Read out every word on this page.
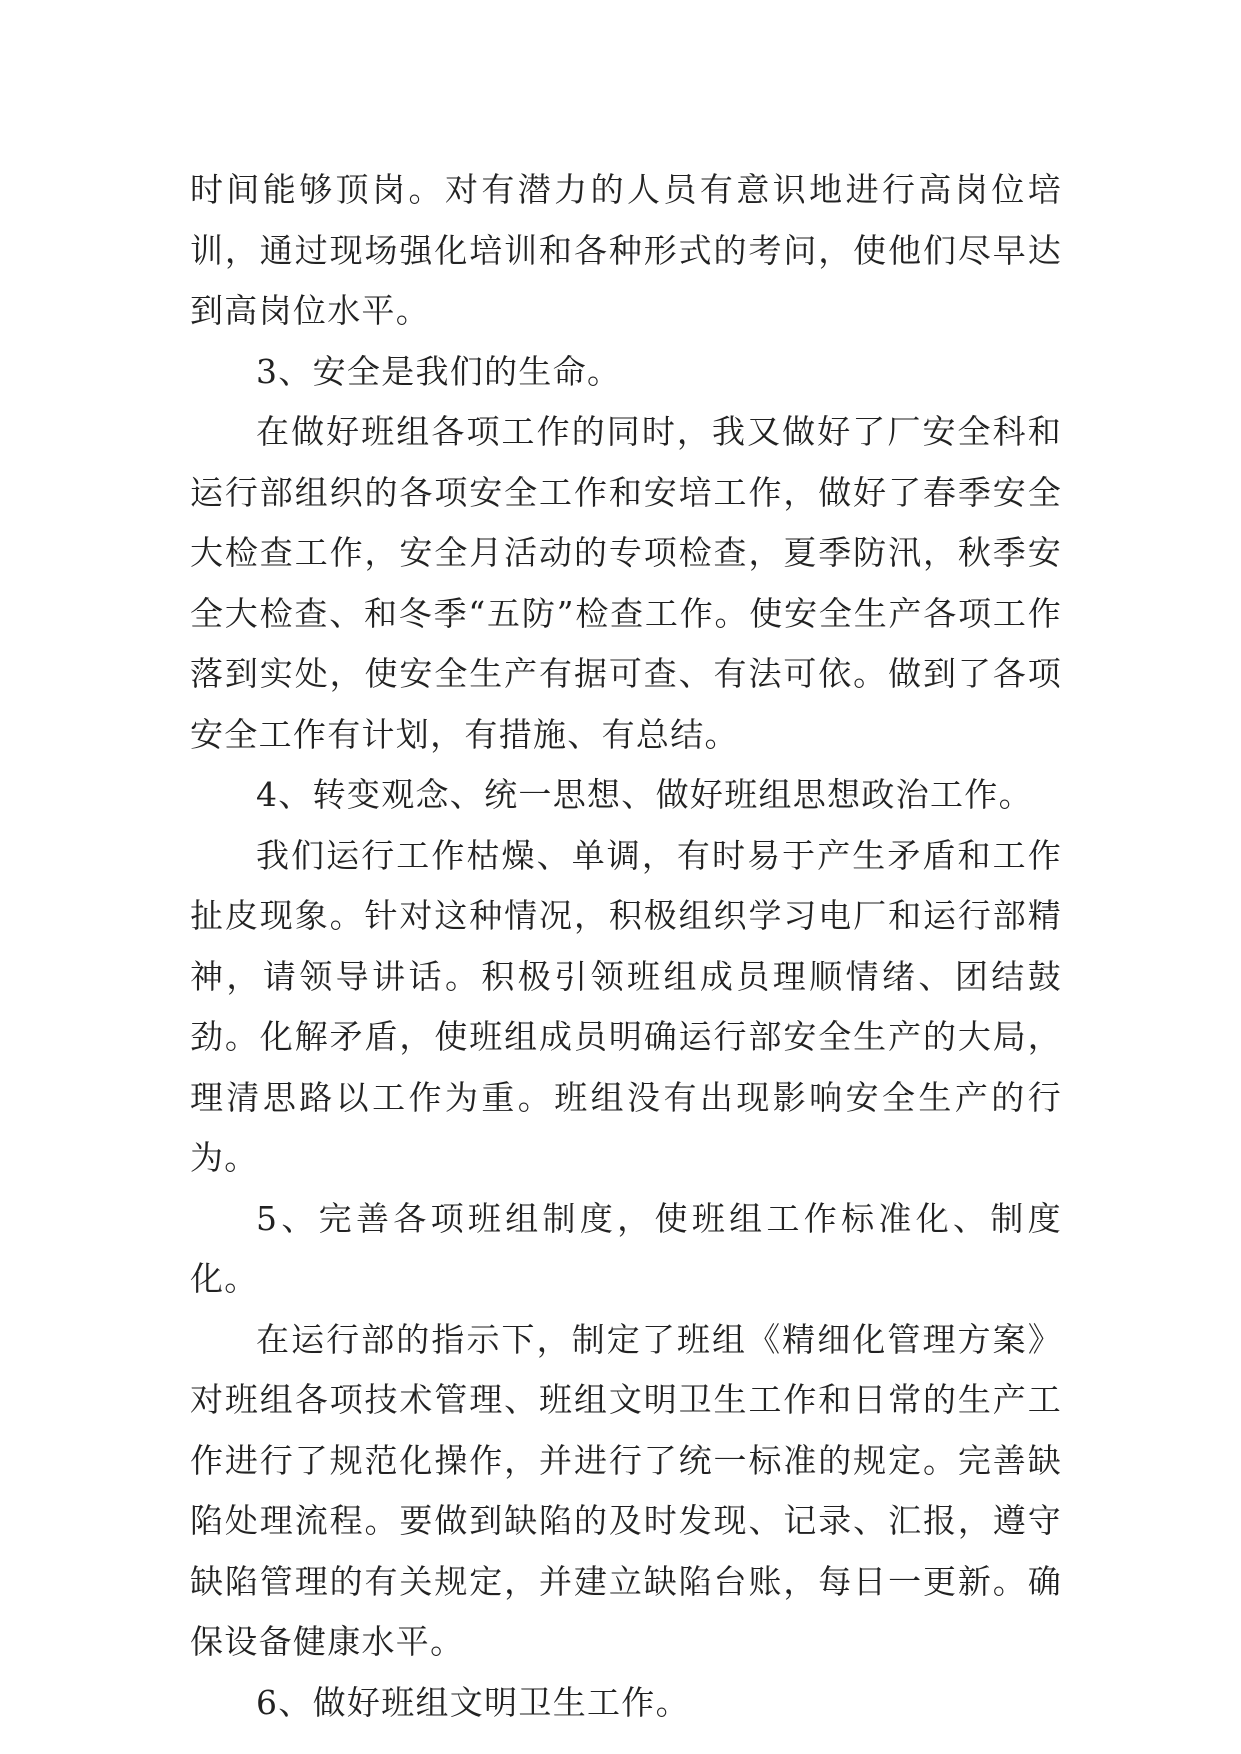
时间能够顶岗。对有潜力的人员有意识地进行高岗位培训，通过现场强化培训和各种形式的考问，使他们尽早达到高岗位水平。

3、安全是我们的生命。

在做好班组各项工作的同时，我又做好了厂安全科和运行部组织的各项安全工作和安培工作，做好了春季安全大检查工作，安全月活动的专项检查，夏季防汛，秋季安全大检查、和冬季“五防”检查工作。使安全生产各项工作落到实处，使安全生产有据可查、有法可依。做到了各项安全工作有计划，有措施、有总结。

4、转变观念、统一思想、做好班组思想政治工作。

我们运行工作枯燥、单调，有时易于产生矛盾和工作扯皮现象。针对这种情况，积极组织学习电厂和运行部精神，请领导讲话。积极引领班组成员理顺情绪、团结鼓劲。化解矛盾，使班组成员明确运行部安全生产的大局，理清思路以工作为重。班组没有出现影响安全生产的行为。

5、完善各项班组制度，使班组工作标准化、制度化。

在运行部的指示下，制定了班组《精细化管理方案》对班组各项技术管理、班组文明卫生工作和日常的生产工作进行了规范化操作，并进行了统一标准的规定。完善缺陷处理流程。要做到缺陷的及时发现、记录、汇报，遵守缺陷管理的有关规定，并建立缺陷台账，每日一更新。确保设备健康水平。

6、做好班组文明卫生工作。
